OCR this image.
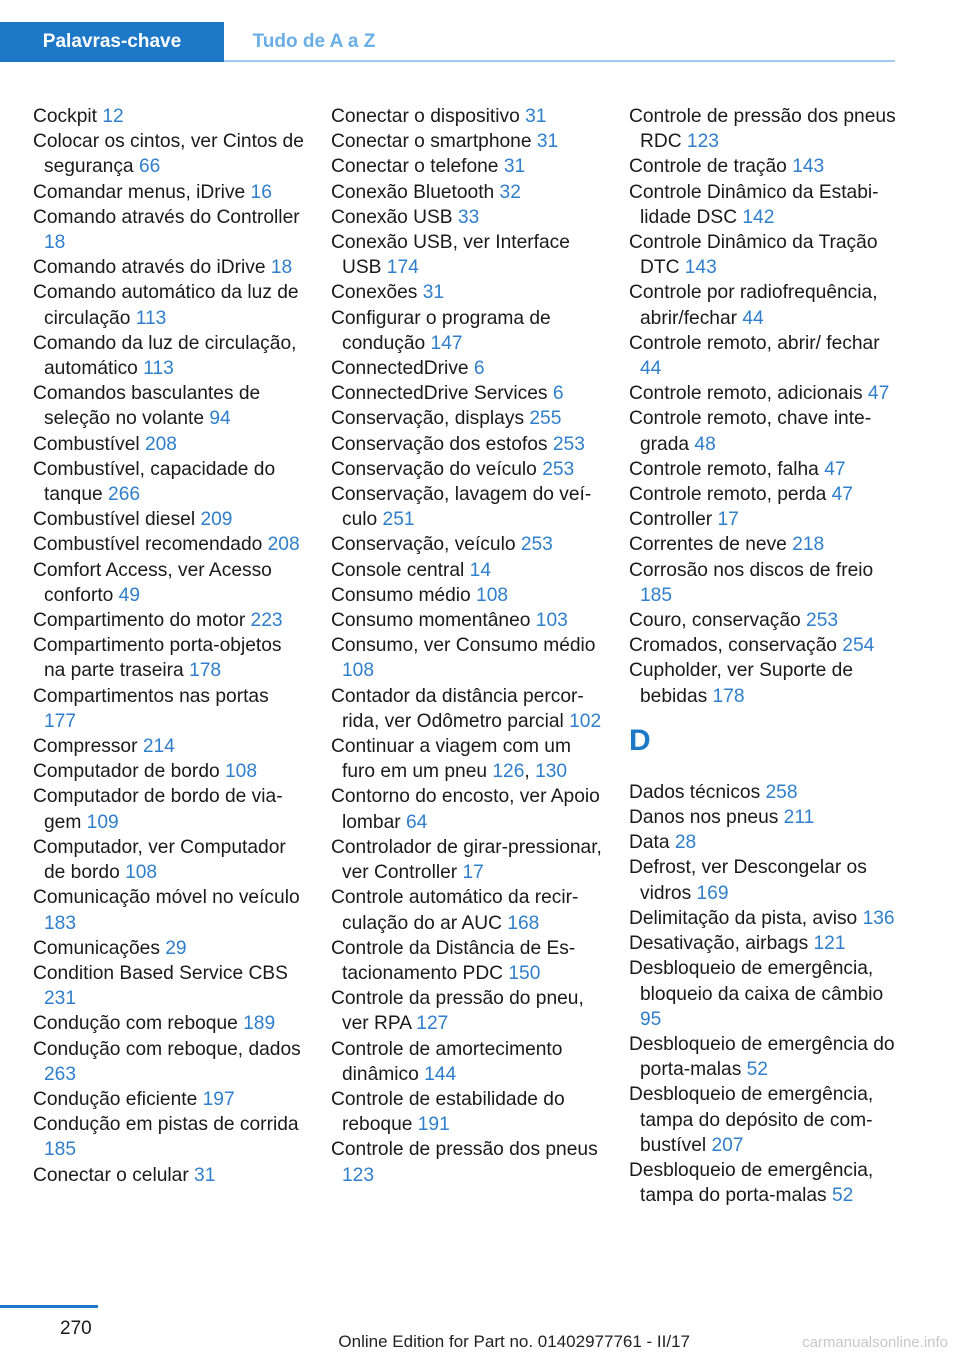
Palavras-chave	Tudo de A a Z

Cockpit 12

Colocar os cintos, ver Cintos de segurança 66

Comandar menus, iDrive 16

Comando através do Controller 18

Comando através do iDrive 18

Comando automático da luz de circulação 113

Comando da luz de circulação, automático 113

Comandos basculantes de seleção no volante 94

Combustível 208

Combustível, capacidade do tanque 266

Combustível diesel 209

Combustível recomendado 208

Comfort Access, ver Acesso conforto 49

Compartimento do motor 223

Compartimento porta-objetos na parte traseira 178

Compartimentos nas portas 177

Compressor 214

Computador de bordo 108

Computador de bordo de viagem 109

Computador, ver Computador de bordo 108

Comunicação móvel no veículo 183

Comunicações 29

Condition Based Service CBS 231

Condução com reboque 189

Condução com reboque, dados 263

Condução eficiente 197

Condução em pistas de corrida 185

Conectar o celular 31

Conectar o dispositivo 31

Conectar o smartphone 31

Conectar o telefone 31

Conexão Bluetooth 32

Conexão USB 33

Conexão USB, ver Interface USB 174

Conexões 31

Configurar o programa de condução 147

ConnectedDrive 6

ConnectedDrive Services 6

Conservação, displays 255

Conservação dos estofos 253

Conservação do veículo 253

Conservação, lavagem do veículo 251

Conservação, veículo 253

Console central 14

Consumo médio 108

Consumo momentâneo 103

Consumo, ver Consumo médio 108

Contador da distância percorrida, ver Odômetro parcial 102

Continuar a viagem com um furo em um pneu 126, 130

Contorno do encosto, ver Apoio lombar 64

Controlador de girar-pressionar, ver Controller 17

Controle automático da recirculação do ar AUC 168

Controle da Distância de Estacionamento PDC 150

Controle da pressão do pneu, ver RPA 127

Controle de amortecimento dinâmico 144

Controle de estabilidade do reboque 191

Controle de pressão dos pneus 123

Controle de pressão dos pneus RDC 123

Controle de tração 143

Controle Dinâmico da Estabilidade DSC 142

Controle Dinâmico da Tração DTC 143

Controle por radiofrequência, abrir/fechar 44

Controle remoto, abrir/ fechar 44

Controle remoto, adicionais 47

Controle remoto, chave integrada 48

Controle remoto, falha 47

Controle remoto, perda 47

Controller 17

Correntes de neve 218

Corrosão nos discos de freio 185

Couro, conservação 253

Cromados, conservação 254

Cupholder, ver Suporte de bebidas 178

D

Dados técnicos 258

Danos nos pneus 211

Data 28

Defrost, ver Descongelar os vidros 169

Delimitação da pista, aviso 136

Desativação, airbags 121

Desbloqueio de emergência, bloqueio da caixa de câmbio 95

Desbloqueio de emergência do porta-malas 52

Desbloqueio de emergência, tampa do depósito de combustível 207

Desbloqueio de emergência, tampa do porta-malas 52

270
Online Edition for Part no. 01402977761 - II/17	carmanualsonline.info
